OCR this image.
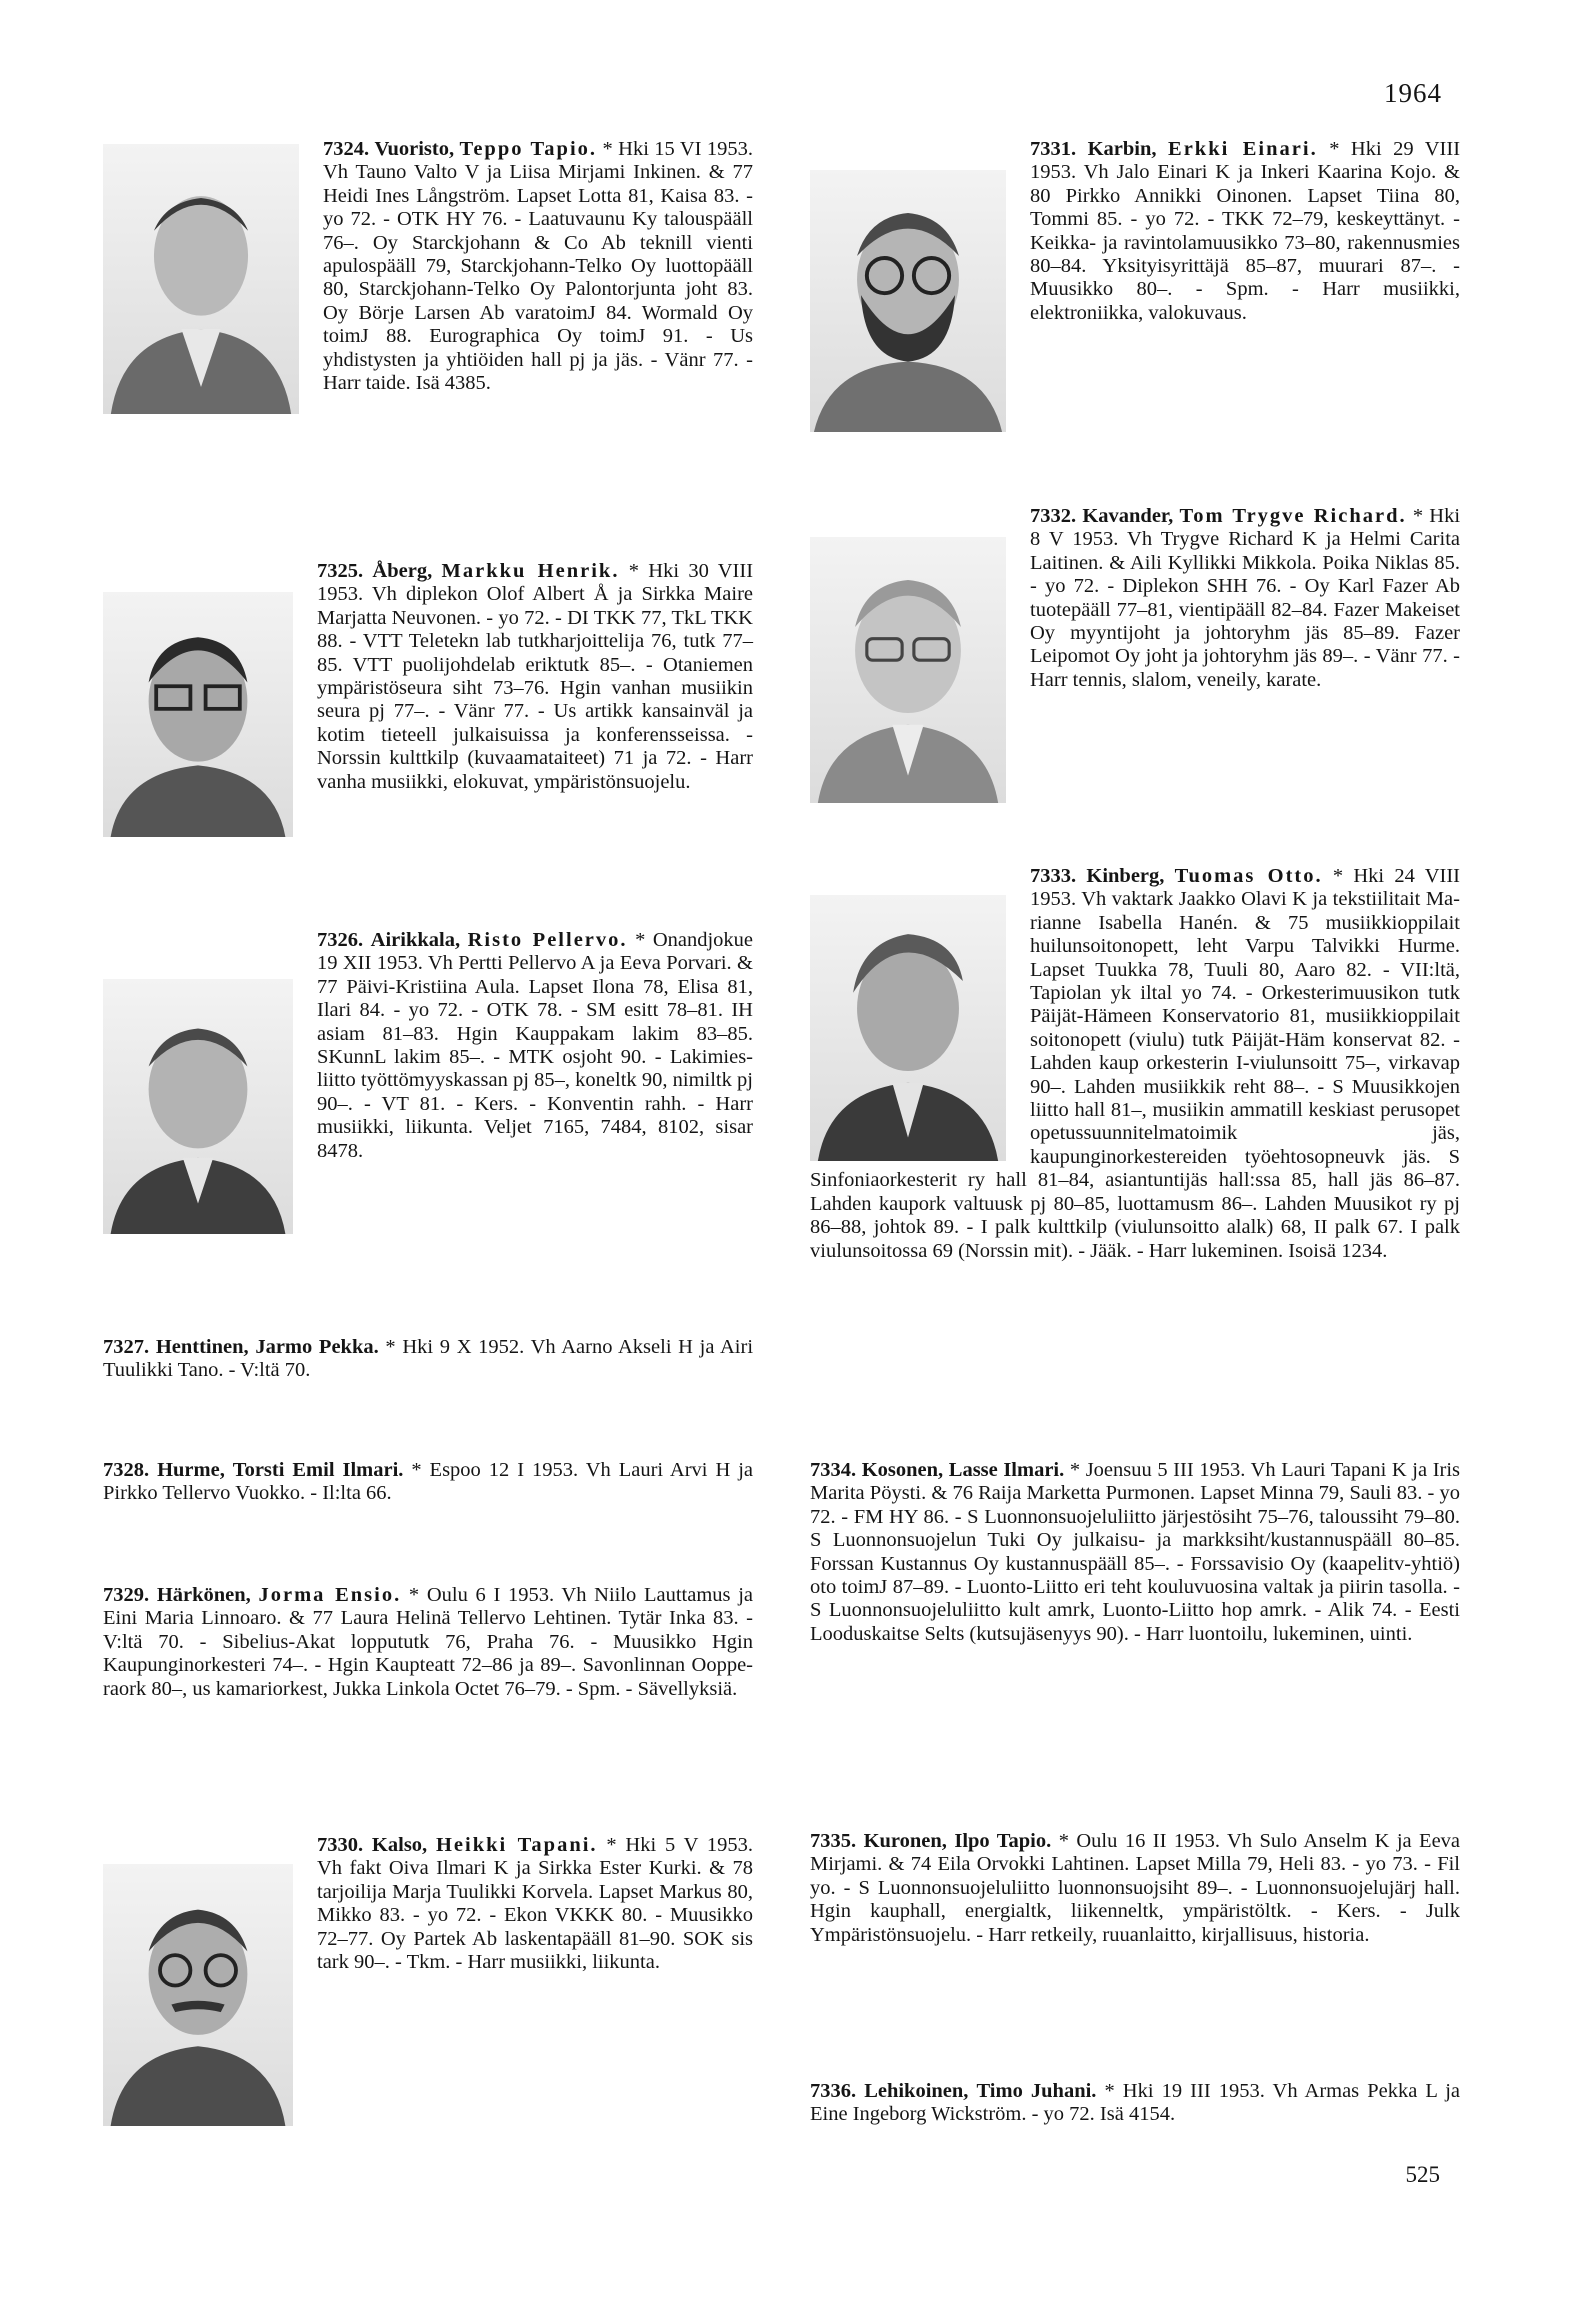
1964
7324. Vuoristo, Teppo Tapio. * Hki 15 VI 1953. Vh Tauno Valto V ja Liisa Mirjami Inkinen. & 77 Heidi Ines Långström. Lapset Lotta 81, Kaisa 83. - yo 72. - OTK HY 76. - Laatuvaunu Ky talouspääll 76–. Oy Starckjohann & Co Ab teknill vienti apulospääll 79, Starckjohann-Telko Oy luottopääll 80, Starckjohann-Telko Oy Palontorjunta joht 83. Oy Börje Larsen Ab varatoimJ 84. Wormald Oy toimJ 88. Eurographica Oy toimJ 91. - Us yhdistysten ja yhtiöiden hall pj ja jäs. - Vänr 77. - Harr taide. Isä 4385.
7325. Åberg, Markku Henrik. * Hki 30 VIII 1953. Vh diplekon Olof Albert Å ja Sirkka Maire Marjatta Neuvonen. - yo 72. - DI TKK 77, TkL TKK 88. - VTT Teletekn lab tutkharjoittelija 76, tutk 77–85. VTT puolijohdelab eriktutk 85–. - Otaniemen ympäristöseura siht 73–76. Hgin vanhan musiikin seura pj 77–. - Vänr 77. - Us artikk kansainväl ja kotim tieteell julkaisuissa ja konferensseissa. - Norssin kulttkilp (kuvaamataiteet) 71 ja 72. - Harr vanha musiikki, elokuvat, ympäristönsuojelu.
7326. Airikkala, Risto Pellervo. * Onandjokue 19 XII 1953. Vh Pertti Pellervo A ja Eeva Porvari. & 77 Päivi-Kristiina Aula. Lapset Ilona 78, Elisa 81, Ilari 84. - yo 72. - OTK 78. - SM esitt 78–81. IH asiam 81–83. Hgin Kauppakam lakim 83–85. SKunnL lakim 85–. - MTK osjoht 90. - Lakimiesliitto työttömyyskassan pj 85–, koneltk 90, nimiltk pj 90–. - VT 81. - Kers. - Konventin rahh. - Harr musiikki, liikunta. Veljet 7165, 7484, 8102, sisar 8478.
7327. Henttinen, Jarmo Pekka. * Hki 9 X 1952. Vh Aarno Akseli H ja Airi Tuulikki Tano. - V:ltä 70.
7328. Hurme, Torsti Emil Ilmari. * Espoo 12 I 1953. Vh Lauri Arvi H ja Pirkko Tellervo Vuokko. - Il:lta 66.
7329. Härkönen, Jorma Ensio. * Oulu 6 I 1953. Vh Niilo Lauttamus ja Eini Maria Linnoaro. & 77 Laura Helinä Tellervo Lehtinen. Tytär Inka 83. - V:ltä 70. - Sibelius-Akat loppututk 76, Praha 76. - Muusikko Hgin Kaupunginorkesteri 74–. - Hgin Kaupteatt 72–86 ja 89–. Savonlinnan Oopperaork 80–, us kamariorkest, Jukka Linkola Octet 76–79. - Spm. - Sävellyksiä.
7330. Kalso, Heikki Tapani. * Hki 5 V 1953. Vh fakt Oiva Ilmari K ja Sirkka Ester Kurki. & 78 tarjoilija Marja Tuulikki Korvela. Lapset Markus 80, Mikko 83. - yo 72. - Ekon VKKK 80. - Muusikko 72–77. Oy Partek Ab laskentapääll 81–90. SOK sis tark 90–. - Tkm. - Harr musiikki, liikunta.
7331. Karbin, Erkki Einari. * Hki 29 VIII 1953. Vh Jalo Einari K ja Inkeri Kaarina Kojo. & 80 Pirkko Annikki Oinonen. Lapset Tiina 80, Tommi 85. - yo 72. - TKK 72–79, keskeyttänyt. - Keikka- ja ravintolamuusikko 73–80, rakennusmies 80–84. Yksityisyrittäjä 85–87, muurari 87–. - Muusikko 80–. - Spm. - Harr musiikki, elektroniikka, valokuvaus.
7332. Kavander, Tom Trygve Richard. * Hki 8 V 1953. Vh Trygve Richard K ja Helmi Carita Laitinen. & Aili Kyllikki Mikkola. Poika Niklas 85. - yo 72. - Diplekon SHH 76. - Oy Karl Fazer Ab tuotepääll 77–81, vientipääll 82–84. Fazer Makeiset Oy myyntijoht ja johtoryhm jäs 85–89. Fazer Leipomot Oy joht ja johtoryhm jäs 89–. - Vänr 77. - Harr tennis, slalom, veneily, karate.
7333. Kinberg, Tuomas Otto. * Hki 24 VIII 1953. Vh vaktark Jaakko Olavi K ja tekstiilitait Marianne Isabella Hanén. & 75 musiikkioppilait huilunsoitonopett, leht Varpu Talvikki Hurme. Lapset Tuukka 78, Tuuli 80, Aaro 82. - VII:ltä, Tapiolan yk iltal yo 74. - Orkesterimuusikon tutk Päijät-Hämeen Konservatorio 81, musiikkioppilait soitonopett (viulu) tutk Päijät-Häm konservat 82. - Lahden kaup orkesterin I-viulunsoitt 75–, virkavap 90–. Lahden musiikkik reht 88–. - S Muusikkojen liitto hall 81–, musiikin ammatill keskiast perusopet opetussuunnitelmatoimik jäs, kaupunginorkestereiden työehtosopneuvk jäs. S Sinfoniaorkesterit ry hall 81–84, asiantuntijäs hall:ssa 85, hall jäs 86–87. Lahden kaupork valtuusk pj 80–85, luottamusm 86–. Lahden Muusikot ry pj 86–88, johtok 89. - I palk kulttkilp (viulunsoitto alalk) 68, II palk 67. I palk viulunsoitossa 69 (Norssin mit). - Jääk. - Harr lukeminen. Isoisä 1234.
7334. Kosonen, Lasse Ilmari. * Joensuu 5 III 1953. Vh Lauri Tapani K ja Iris Marita Pöysti. & 76 Raija Marketta Purmonen. Lapset Minna 79, Sauli 83. - yo 72. - FM HY 86. - S Luonnonsuojeluliitto järjestösiht 75–76, taloussiht 79–80. S Luonnonsuojelun Tuki Oy julkaisu- ja markksiht/kustannuspääll 80–85. Forssan Kustannus Oy kustannuspääll 85–. - Forssavisio Oy (kaapelitv-yhtiö) oto toimJ 87–89. - Luonto-Liitto eri teht kouluvuosina valtak ja piirin tasolla. - S Luonnonsuojeluliitto kult amrk, Luonto-Liitto hop amrk. - Alik 74. - Eesti Looduskaitse Selts (kutsujäsenyys 90). - Harr luontoilu, lukeminen, uinti.
7335. Kuronen, Ilpo Tapio. * Oulu 16 II 1953. Vh Sulo Anselm K ja Eeva Mirjami. & 74 Eila Orvokki Lahtinen. Lapset Milla 79, Heli 83. - yo 73. - Fil yo. - S Luonnonsuojeluliitto luonnonsuojsiht 89–. - Luonnonsuojelujärj hall. Hgin kauphall, energialtk, liikenneltk, ympäristöltk. - Kers. - Julk Ympäristönsuojelu. - Harr retkeily, ruuanlaitto, kirjallisuus, historia.
7336. Lehikoinen, Timo Juhani. * Hki 19 III 1953. Vh Armas Pekka L ja Eine Ingeborg Wickström. - yo 72. Isä 4154.
525
